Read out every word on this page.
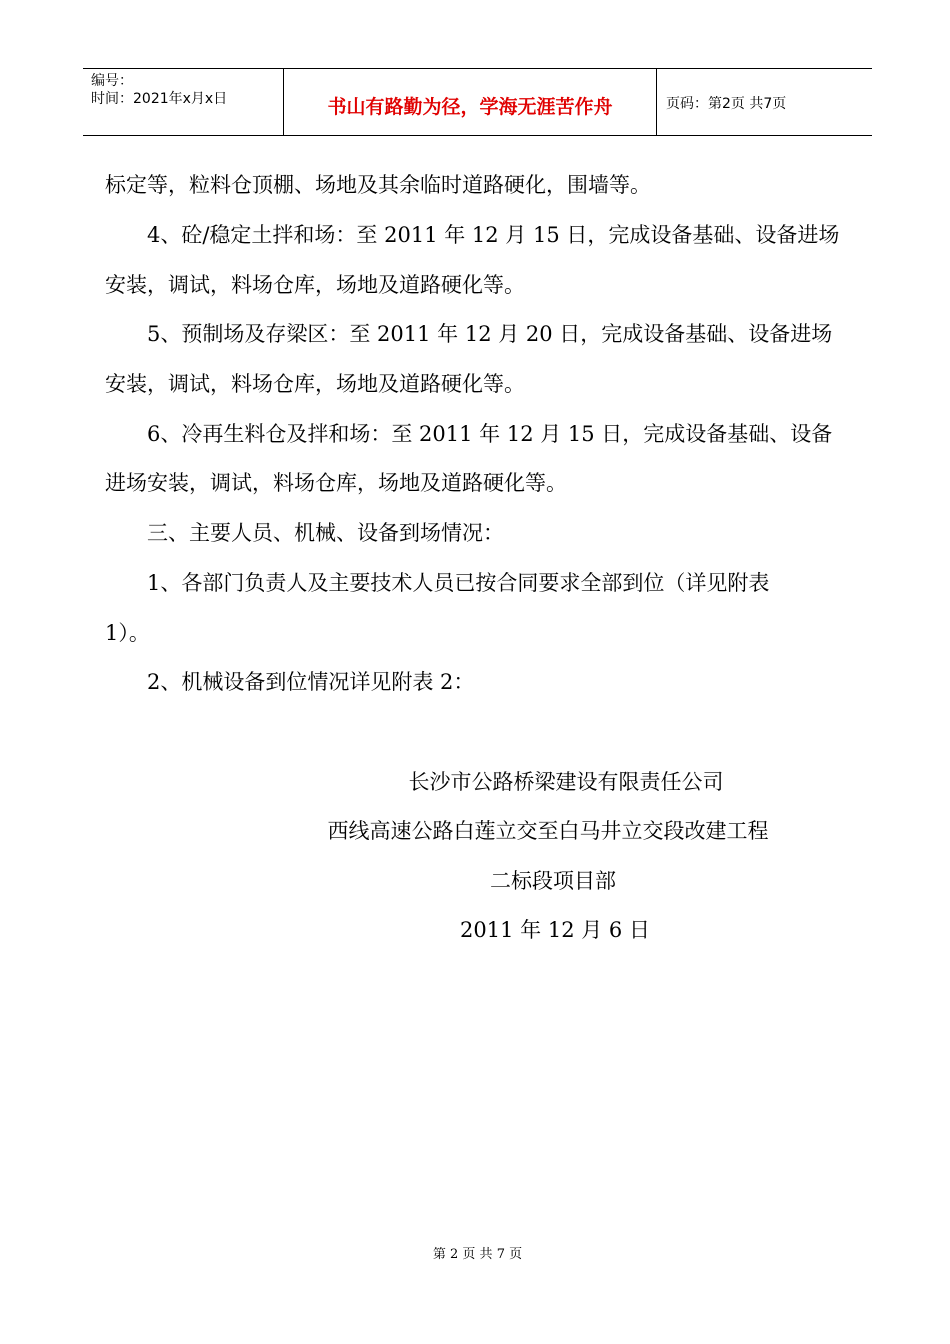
编号：
时间：2021年x月x日	书山有路勤为径，学海无涯苦作舟	页码：第2页 共7页
标定等，粒料仓顶棚、场地及其余临时道路硬化，围墙等。
4、砼/稳定土拌和场：至 2011 年 12 月 15 日，完成设备基础、设备进场
安装，调试，料场仓库，场地及道路硬化等。
5、预制场及存梁区：至 2011 年 12 月 20 日，完成设备基础、设备进场
安装，调试，料场仓库，场地及道路硬化等。
6、冷再生料仓及拌和场：至 2011 年 12 月 15 日，完成设备基础、设备
进场安装，调试，料场仓库，场地及道路硬化等。
三、主要人员、机械、设备到场情况：
1、各部门负责人及主要技术人员已按合同要求全部到位（详见附表
1）。
2、机械设备到位情况详见附表 2：
长沙市公路桥梁建设有限责任公司
西线高速公路白莲立交至白马井立交段改建工程
二标段项目部
2011 年 12 月 6 日
第 2 页 共 7 页
